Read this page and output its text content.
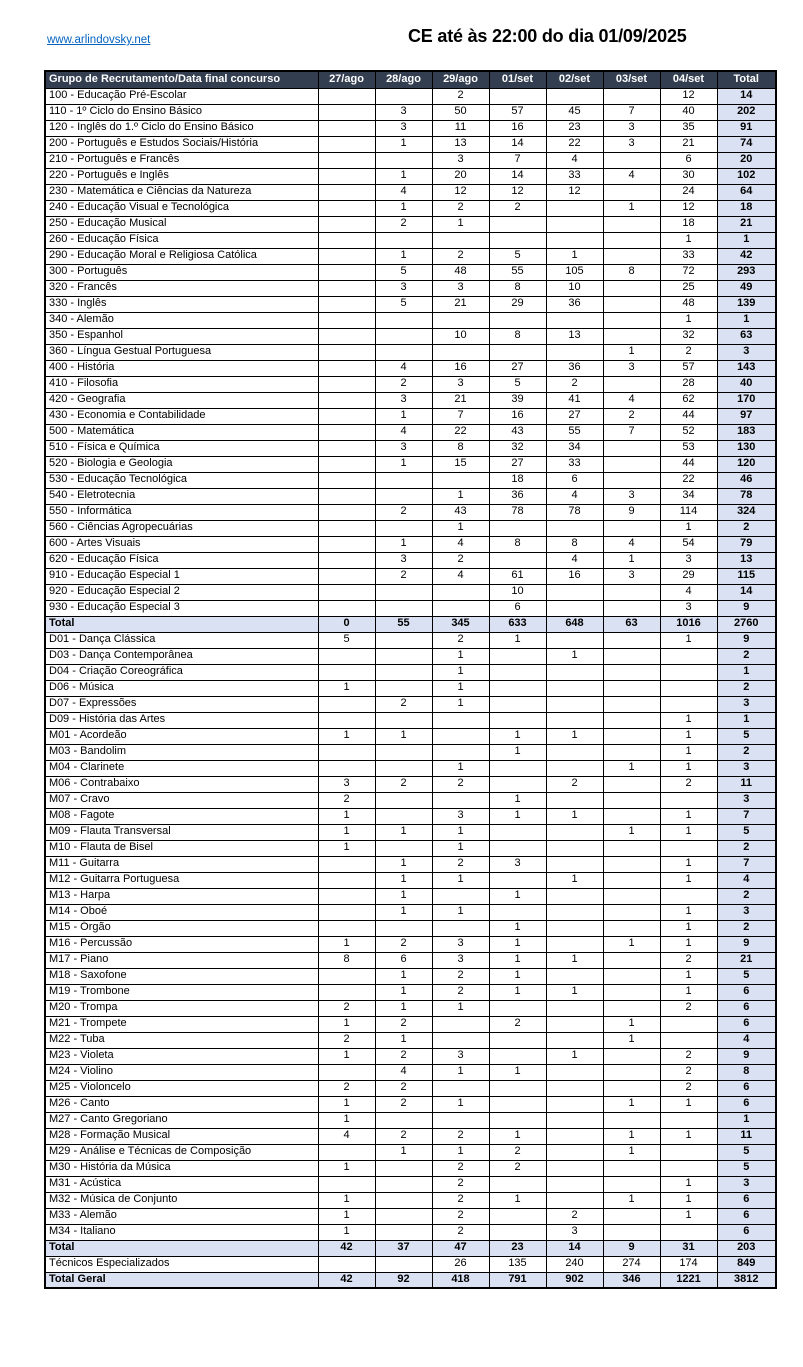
www.arlindovsky.net	CE até às 22:00 do dia 01/09/2025
Grupo de Recrutamento/Data final concurso	27/ago	28/ago	29/ago	01/set	02/set	03/set	04/set	Total
100 - Educação Pré-Escolar			2				12	14
110 - 1º Ciclo do Ensino Básico		3	50	57	45	7	40	202
120 - Inglês do 1.º Ciclo do Ensino Básico		3	11	16	23	3	35	91
200 - Português e Estudos Sociais/História		1	13	14	22	3	21	74
210 - Português e Francês			3	7	4		6	20
220 - Português e Inglês		1	20	14	33	4	30	102
230 - Matemática e Ciências da Natureza		4	12	12	12		24	64
240 - Educação Visual e Tecnológica		1	2	2		1	12	18
250 - Educação Musical		2	1				18	21
260 - Educação Física							1	1
290 - Educação Moral e Religiosa Católica		1	2	5	1		33	42
300 - Português		5	48	55	105	8	72	293
320 - Francês		3	3	8	10		25	49
330 - Inglês		5	21	29	36		48	139
340 - Alemão							1	1
350 - Espanhol			10	8	13		32	63
360 - Língua Gestual Portuguesa						1	2	3
400 - História		4	16	27	36	3	57	143
410 - Filosofia		2	3	5	2		28	40
420 - Geografia		3	21	39	41	4	62	170
430 - Economia e Contabilidade		1	7	16	27	2	44	97
500 - Matemática		4	22	43	55	7	52	183
510 - Física e Química		3	8	32	34		53	130
520 - Biologia e Geologia		1	15	27	33		44	120
530 - Educação Tecnológica				18	6		22	46
540 - Eletrotecnia			1	36	4	3	34	78
550 - Informática		2	43	78	78	9	114	324
560 - Ciências Agropecuárias			1				1	2
600 - Artes Visuais		1	4	8	8	4	54	79
620 - Educação Física		3	2		4	1	3	13
910 - Educação Especial 1		2	4	61	16	3	29	115
920 - Educação Especial 2				10			4	14
930 - Educação Especial 3				6			3	9
Total	0	55	345	633	648	63	1016	2760
D01 - Dança Clássica	5		2	1			1	9
D03 - Dança Contemporânea			1		1			2
D04 - Criação Coreográfica			1					1
D06 - Música	1		1					2
D07 - Expressões		2	1					3
D09 - História das Artes							1	1
M01 - Acordeão	1	1		1	1		1	5
M03 - Bandolim				1			1	2
M04 - Clarinete			1			1	1	3
M06 - Contrabaixo	3	2	2		2		2	11
M07 - Cravo	2			1				3
M08 - Fagote	1		3	1	1		1	7
M09 - Flauta Transversal	1	1	1			1	1	5
M10 - Flauta de Bisel	1		1					2
M11 - Guitarra		1	2	3			1	7
M12 - Guitarra Portuguesa		1	1		1		1	4
M13 - Harpa		1		1				2
M14 - Oboé		1	1				1	3
M15 - Órgão				1			1	2
M16 - Percussão	1	2	3	1		1	1	9
M17 - Piano	8	6	3	1	1		2	21
M18 - Saxofone		1	2	1			1	5
M19 - Trombone		1	2	1	1		1	6
M20 - Trompa	2	1	1				2	6
M21 - Trompete	1	2		2		1		6
M22 - Tuba	2	1				1		4
M23 - Violeta	1	2	3		1		2	9
M24 - Violino		4	1	1			2	8
M25 - Violoncelo	2	2					2	6
M26 - Canto	1	2	1			1	1	6
M27 - Canto Gregoriano	1							1
M28 - Formação Musical	4	2	2	1		1	1	11
M29 - Análise e Técnicas de Composição		1	1	2		1		5
M30 - História da Música	1		2	2				5
M31 - Acústica			2				1	3
M32 - Música de Conjunto	1		2	1		1	1	6
M33 - Alemão	1		2		2		1	6
M34 - Italiano	1		2		3			6
Total	42	37	47	23	14	9	31	203
Técnicos Especializados			26	135	240	274	174	849
Total Geral	42	92	418	791	902	346	1221	3812
